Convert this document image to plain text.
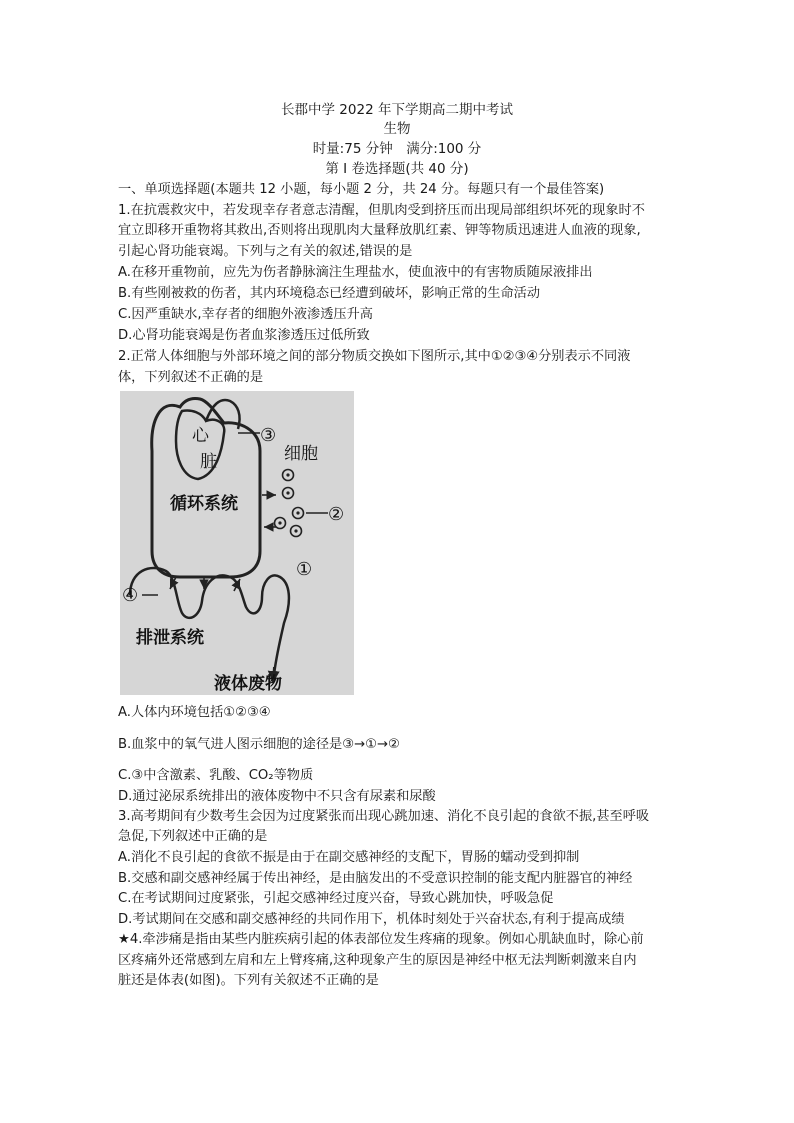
长郡中学 2022 年下学期高二期中考试
生物
时量:75 分钟　满分:100 分
第 I 卷选择题(共 40 分)
一、单项选择题(本题共 12 小题，每小题 2 分，共 24 分。每题只有一个最佳答案)
1.在抗震救灾中，若发现幸存者意志清醒，但肌肉受到挤压而出现局部组织坏死的现象时不
宜立即移开重物将其救出,否则将出现肌肉大量释放肌红素、钾等物质迅速进人血液的现象,
引起心肾功能衰竭。下列与之有关的叙述,错误的是
A.在移开重物前，应先为伤者静脉滴注生理盐水，使血液中的有害物质随尿液排出
B.有些刚被救的伤者，其内环境稳态已经遭到破坏，影响正常的生命活动
C.因严重缺水,幸存者的细胞外液渗透压升高
D.心肾功能衰竭是伤者血浆渗透压过低所致
2.正常人体细胞与外部环境之间的部分物质交换如下图所示,其中①②③④分别表示不同液
体，下列叙述不正确的是
心
脏
③
细胞
循环系统	②
①
④
排泄系统
液体废物
A.人体内环境包括①②③④
B.血浆中的氧气进人图示细胞的途径是③→①→②
C.③中含激素、乳酸、CO₂等物质
D.通过泌尿系统排出的液体废物中不只含有尿素和尿酸
3.高考期间有少数考生会因为过度紧张而出现心跳加速、消化不良引起的食欲不振,甚至呼吸
急促,下列叙述中正确的是
A.消化不良引起的食欲不振是由于在副交感神经的支配下，胃肠的蠕动受到抑制
B.交感和副交感神经属于传出神经，是由脑发出的不受意识控制的能支配内脏器官的神经
C.在考试期间过度紧张，引起交感神经过度兴奋，导致心跳加快，呼吸急促
D.考试期间在交感和副交感神经的共同作用下，机体时刻处于兴奋状态,有利于提高成绩
★4.牵涉痛是指由某些内脏疾病引起的体表部位发生疼痛的现象。例如心肌缺血时，除心前
区疼痛外还常感到左肩和左上臂疼痛,这种现象产生的原因是神经中枢无法判断刺激来自内
脏还是体表(如图)。下列有关叙述不正确的是
